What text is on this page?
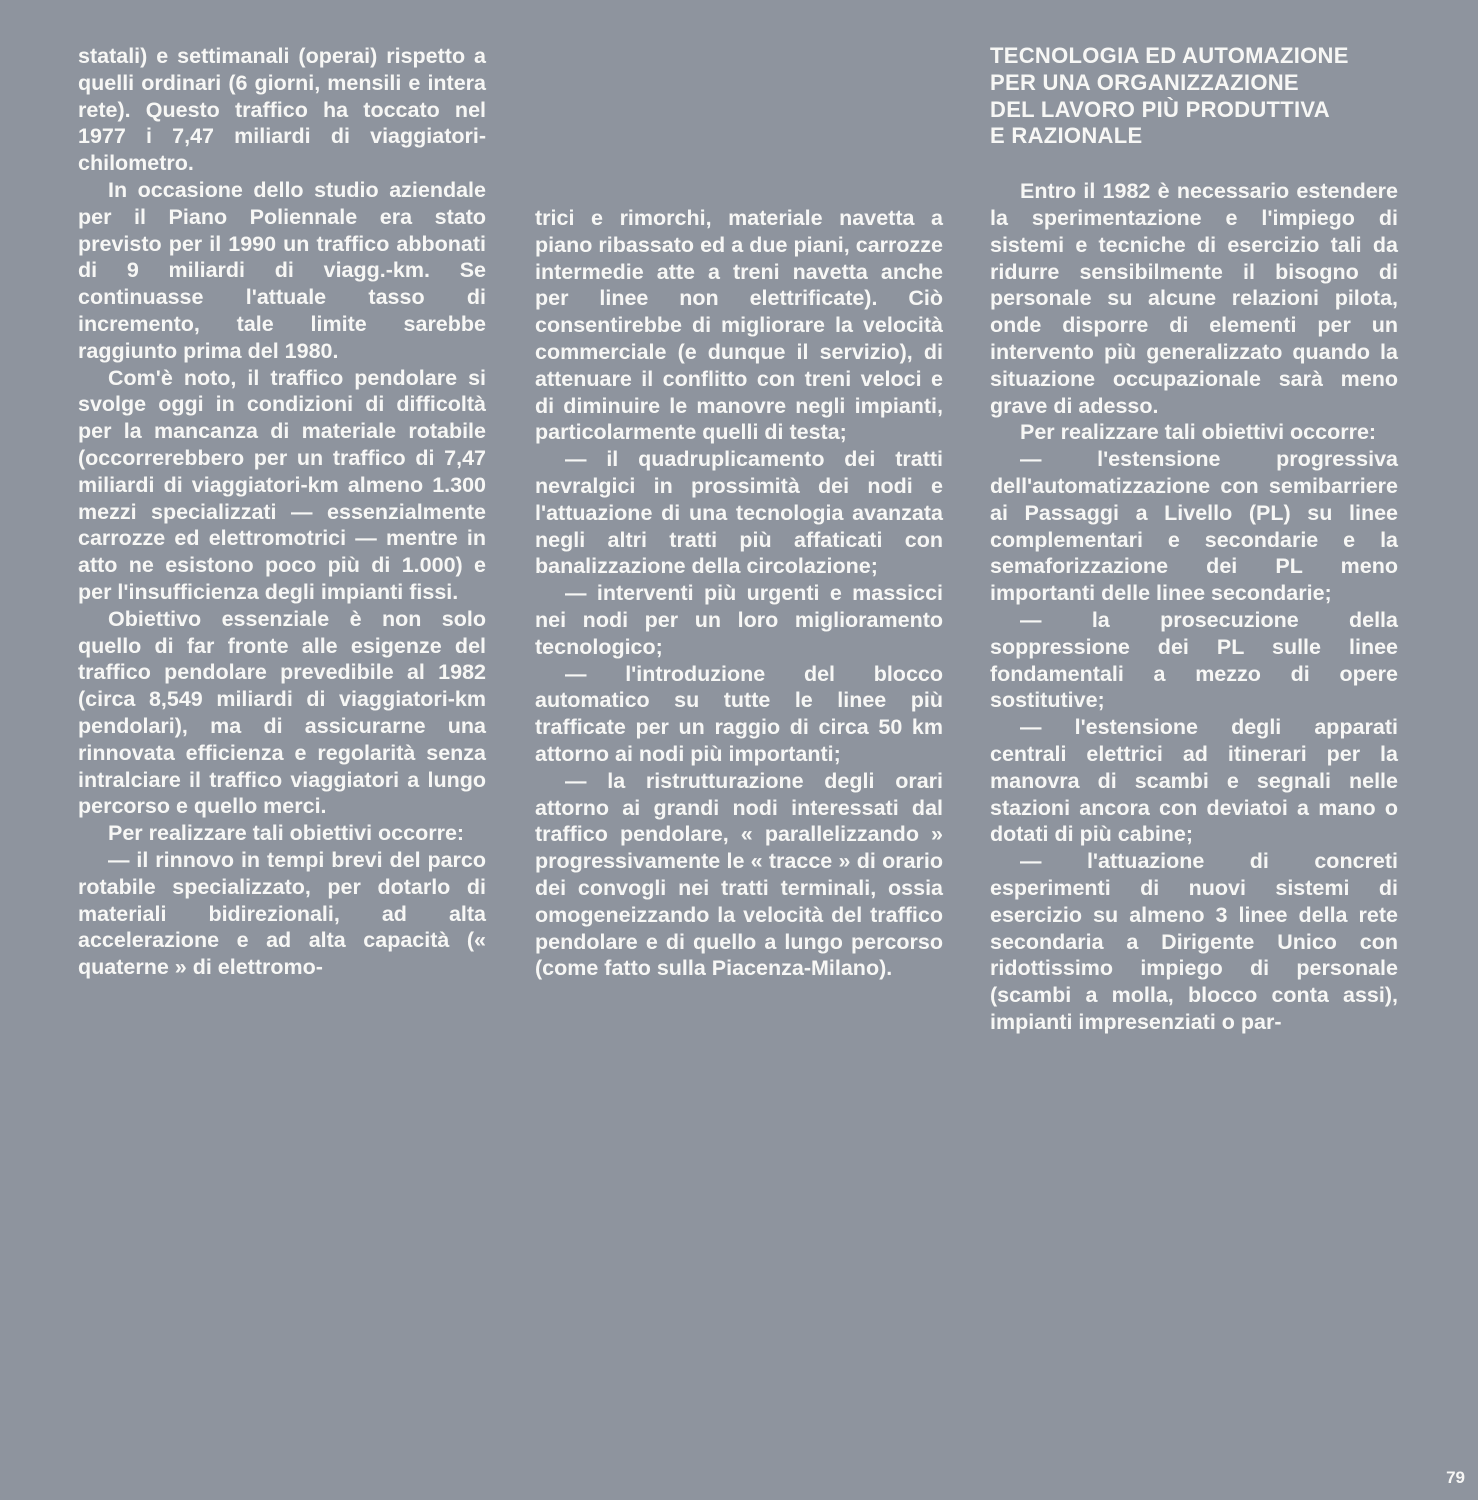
statali) e settimanali (operai) rispetto a quelli ordinari (6 giorni, mensili e intera rete). Questo traffico ha toccato nel 1977 i 7,47 miliardi di viaggiatori-chilometro.

In occasione dello studio aziendale per il Piano Poliennale era stato previsto per il 1990 un traffico abbonati di 9 miliardi di viagg.-km. Se continuasse l'attuale tasso di incremento, tale limite sarebbe raggiunto prima del 1980.

Com'è noto, il traffico pendolare si svolge oggi in condizioni di difficoltà per la mancanza di materiale rotabile (occorrerebbero per un traffico di 7,47 miliardi di viaggiatori-km almeno 1.300 mezzi specializzati — essenzialmente carrozze ed elettromotrici — mentre in atto ne esistono poco più di 1.000) e per l'insufficienza degli impianti fissi.

Obiettivo essenziale è non solo quello di far fronte alle esigenze del traffico pendolare prevedibile al 1982 (circa 8,549 miliardi di viaggiatori-km pendolari), ma di assicurarne una rinnovata efficienza e regolarità senza intralciare il traffico viaggiatori a lungo percorso e quello merci.

Per realizzare tali obiettivi occorre:

— il rinnovo in tempi brevi del parco rotabile specializzato, per dotarlo di materiali bidirezionali, ad alta accelerazione e ad alta capacità (« quaterne » di elettromo-

trici e rimorchi, materiale navetta a piano ribassato ed a due piani, carrozze intermedie atte a treni navetta anche per linee non elettrificate). Ciò consentirebbe di migliorare la velocità commerciale (e dunque il servizio), di attenuare il conflitto con treni veloci e di diminuire le manovre negli impianti, particolarmente quelli di testa;

— il quadruplicamento dei tratti nevralgici in prossimità dei nodi e l'attuazione di una tecnologia avanzata negli altri tratti più affaticati con banalizzazione della circolazione;

— interventi più urgenti e massicci nei nodi per un loro miglioramento tecnologico;

— l'introduzione del blocco automatico su tutte le linee più trafficate per un raggio di circa 50 km attorno ai nodi più importanti;

— la ristrutturazione degli orari attorno ai grandi nodi interessati dal traffico pendolare, « parallelizzando » progressivamente le « tracce » di orario dei convogli nei tratti terminali, ossia omogeneizzando la velocità del traffico pendolare e di quello a lungo percorso (come fatto sulla Piacenza-Milano).

TECNOLOGIA ED AUTOMAZIONE
PER UNA ORGANIZZAZIONE
DEL LAVORO PIÙ PRODUTTIVA
E RAZIONALE

Entro il 1982 è necessario estendere la sperimentazione e l'impiego di sistemi e tecniche di esercizio tali da ridurre sensibilmente il bisogno di personale su alcune relazioni pilota, onde disporre di elementi per un intervento più generalizzato quando la situazione occupazionale sarà meno grave di adesso.

Per realizzare tali obiettivi occorre:

— l'estensione progressiva dell'automatizzazione con semibarriere ai Passaggi a Livello (PL) su linee complementari e secondarie e la semaforizzazione dei PL meno importanti delle linee secondarie;

— la prosecuzione della soppressione dei PL sulle linee fondamentali a mezzo di opere sostitutive;

— l'estensione degli apparati centrali elettrici ad itinerari per la manovra di scambi e segnali nelle stazioni ancora con deviatoi a mano o dotati di più cabine;

— l'attuazione di concreti esperimenti di nuovi sistemi di esercizio su almeno 3 linee della rete secondaria a Dirigente Unico con ridottissimo impiego di personale (scambi a molla, blocco conta assi), impianti impresenziati o par-

79
